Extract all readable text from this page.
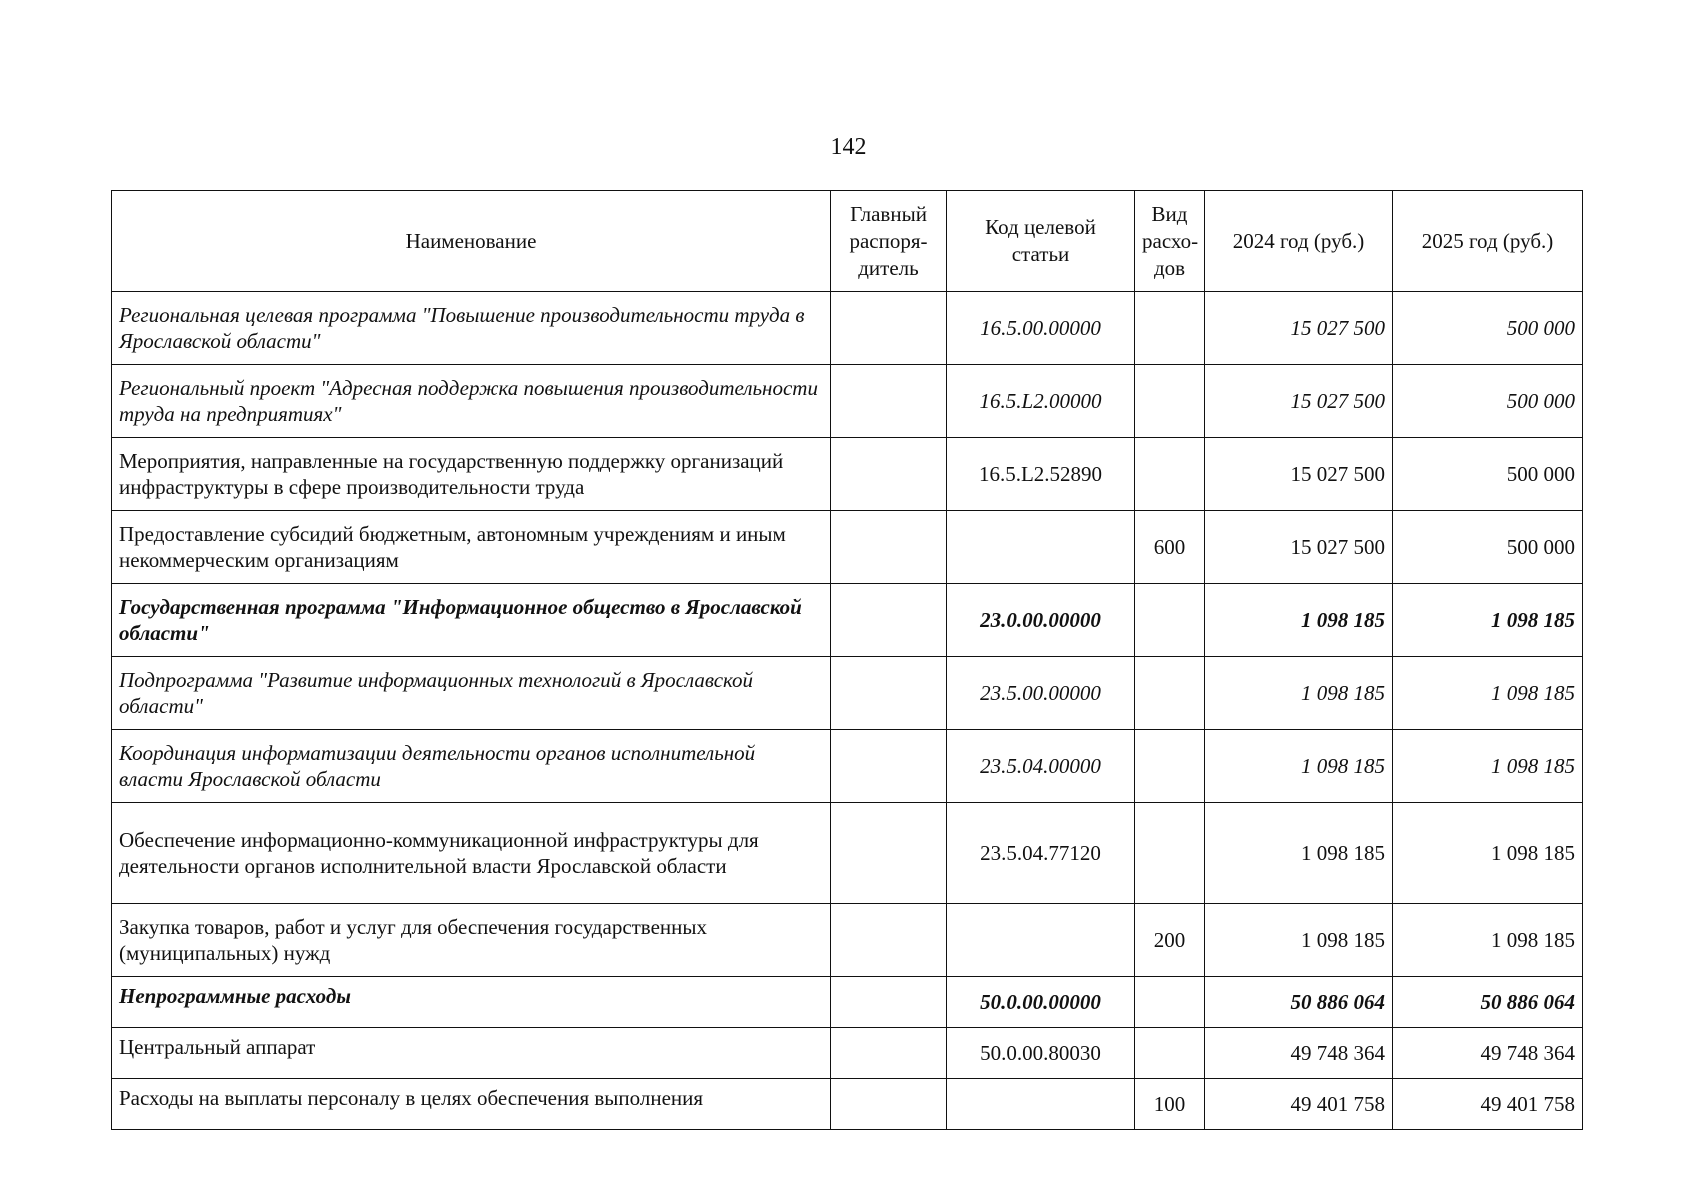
142
Наименование	Главный распоря-дитель	Код целевой статьи	Вид расхо-дов	2024 год (руб.)	2025 год (руб.)
Региональная целевая программа "Повышение производительности труда в Ярославской области"		16.5.00.00000		15 027 500	500 000
Региональный проект "Адресная поддержка повышения производительности труда на предприятиях"		16.5.L2.00000		15 027 500	500 000
Мероприятия, направленные на государственную поддержку организаций инфраструктуры в сфере производительности труда		16.5.L2.52890		15 027 500	500 000
Предоставление субсидий бюджетным, автономным учреждениям и иным некоммерческим организациям			600	15 027 500	500 000
Государственная программа "Информационное общество в Ярославской области"		23.0.00.00000		1 098 185	1 098 185
Подпрограмма "Развитие информационных технологий в Ярославской области"		23.5.00.00000		1 098 185	1 098 185
Координация информатизации деятельности органов исполнительной власти Ярославской области		23.5.04.00000		1 098 185	1 098 185
Обеспечение информационно-коммуникационной инфраструктуры для деятельности органов исполнительной власти Ярославской области		23.5.04.77120		1 098 185	1 098 185
Закупка товаров, работ и услуг для обеспечения государственных (муниципальных) нужд			200	1 098 185	1 098 185
Непрограммные расходы		50.0.00.00000		50 886 064	50 886 064
Центральный аппарат		50.0.00.80030		49 748 364	49 748 364
Расходы на выплаты персоналу в целях обеспечения выполнения			100	49 401 758	49 401 758
